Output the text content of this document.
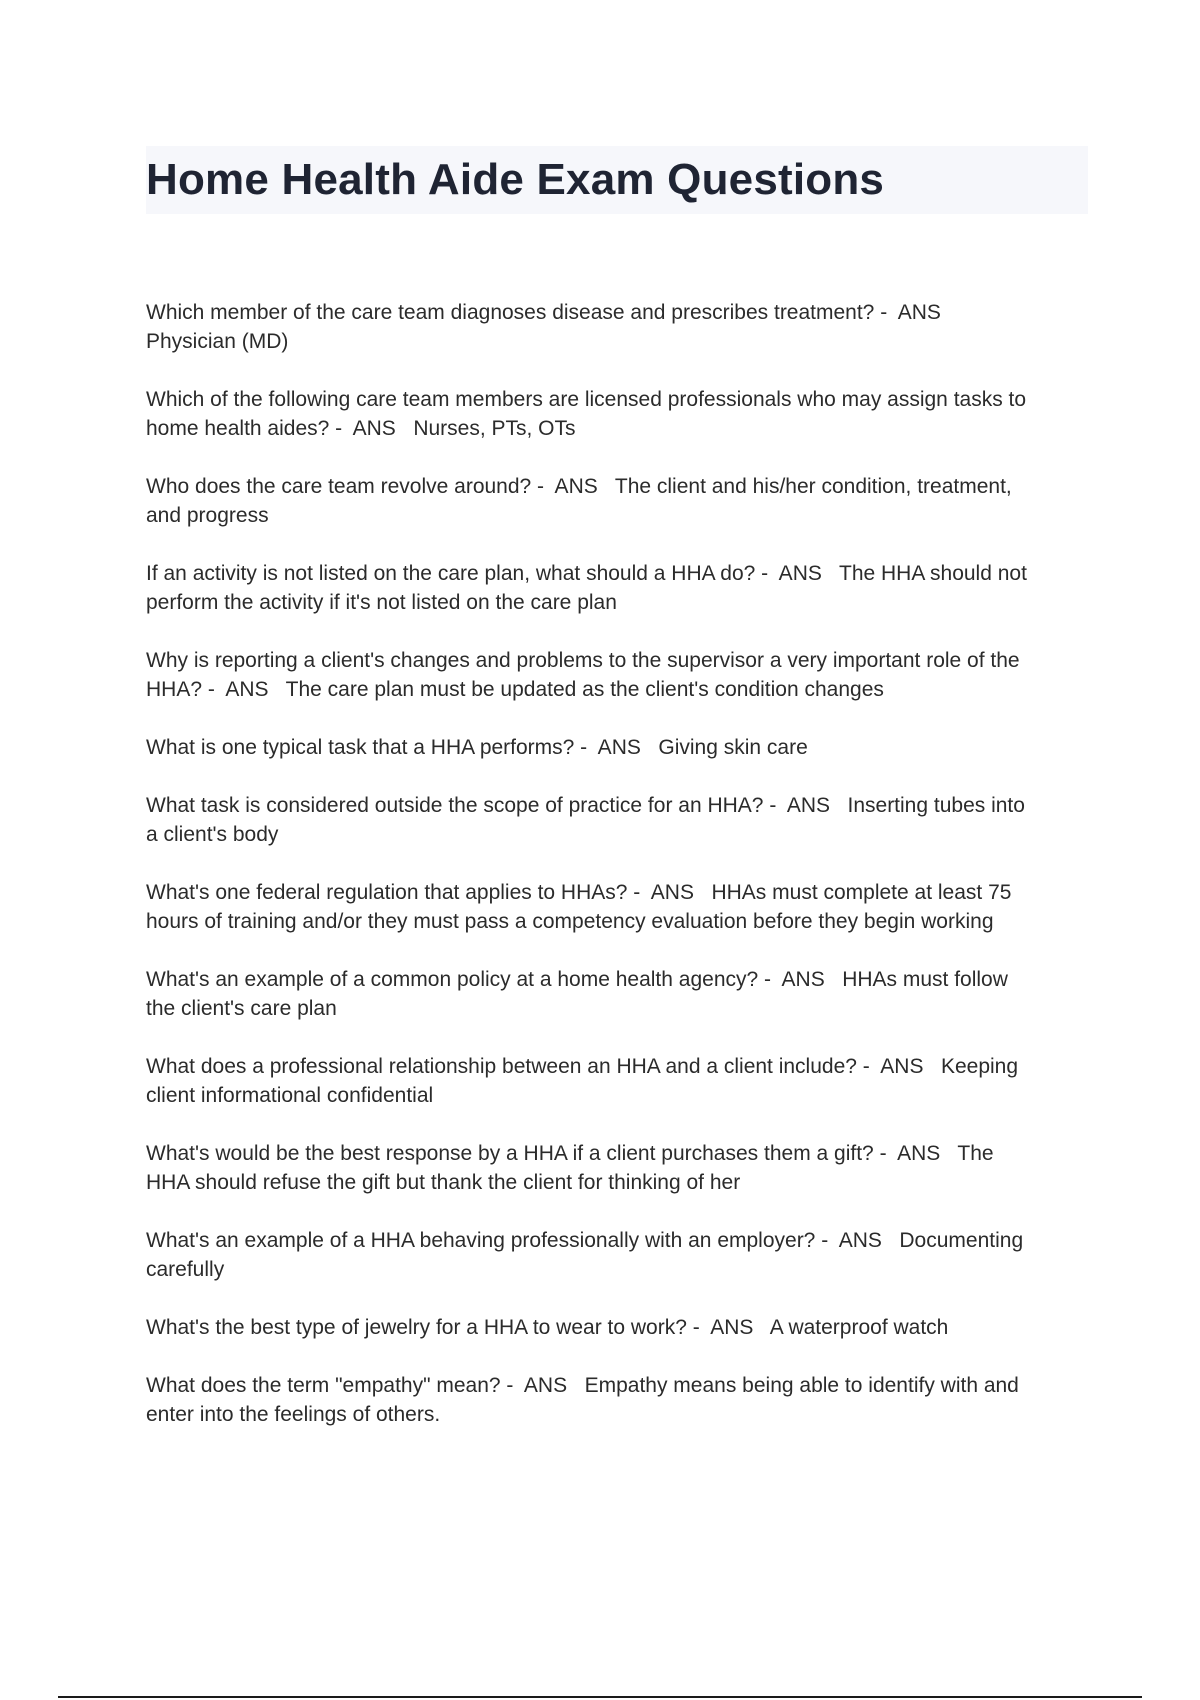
Home Health Aide Exam Questions
Which member of the care team diagnoses disease and prescribes treatment? -  ANS
Physician (MD)
Which of the following care team members are licensed professionals who may assign tasks to
home health aides? -  ANS   Nurses, PTs, OTs
Who does the care team revolve around? -  ANS   The client and his/her condition, treatment,
and progress
If an activity is not listed on the care plan, what should a HHA do? -  ANS   The HHA should not
perform the activity if it's not listed on the care plan
Why is reporting a client's changes and problems to the supervisor a very important role of the
HHA? -  ANS   The care plan must be updated as the client's condition changes
What is one typical task that a HHA performs? -  ANS   Giving skin care
What task is considered outside the scope of practice for an HHA? -  ANS   Inserting tubes into
a client's body
What's one federal regulation that applies to HHAs? -  ANS   HHAs must complete at least 75
hours of training and/or they must pass a competency evaluation before they begin working
What's an example of a common policy at a home health agency? -  ANS   HHAs must follow
the client's care plan
What does a professional relationship between an HHA and a client include? -  ANS   Keeping
client informational confidential
What's would be the best response by a HHA if a client purchases them a gift? -  ANS   The
HHA should refuse the gift but thank the client for thinking of her
What's an example of a HHA behaving professionally with an employer? -  ANS   Documenting
carefully
What's the best type of jewelry for a HHA to wear to work? -  ANS   A waterproof watch
What does the term "empathy" mean? -  ANS   Empathy means being able to identify with and
enter into the feelings of others.
